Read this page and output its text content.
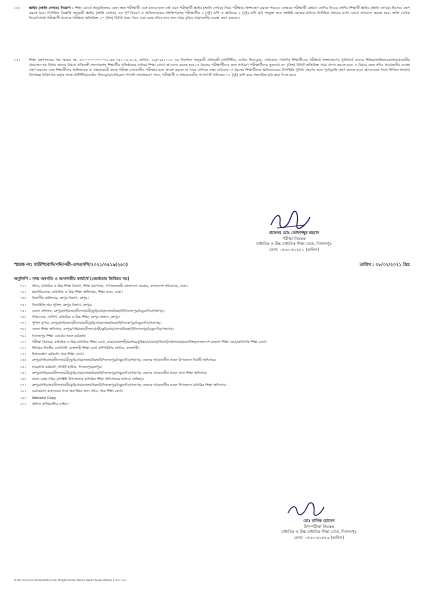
১৪।	স্ক্রাইব (শ্রুতি লেখক) নিয়োগ : শিক্ষা বোর্ডে অনুমতিক্রমে কোন অন্ধ পরীক্ষার্থী এবং যাদের হাত নেই এমন পরীক্ষার্থী স্ক্রাইব (শ্রুতি লেখক) নিয়ে পরীক্ষায় অংশগ্রহণ করতে পারবে। এক্ষেত্রে পরীক্ষার্থী বর্তমান শ্রেণির নিচের শ্রেণির শিক্ষার্থী স্ক্রাইব (শ্রুতি লেখক) হিসেবে গ্রহণ করতে হবে। নির্ধারিত বিজ্ঞপ্তি অনুযায়ী স্ক্রাইব (শ্রুতি লেখক) এর পূর্ণ বিবরণ ও অভিভাবকের সম্মতিপত্রসহ পরীক্ষার্থীর ২ (দুই) কপি ও স্ক্রাইবের ২ (দুই) কপি ছবি সংযুক্ত করে সংশ্লিষ্ট কেন্দ্রের মাধ্যমে নির্ধারিত সময়ের মধ্যে বোর্ডে আবেদন করতে হবে। শ্রুতি লেখক নিয়োগপ্রাপ্ত পরীক্ষার্থী প্রত্যেক পরীক্ষায় অতিরিক্ত ২০ (বিশ) মিনিট সময় পাবে এবং কেন্দ্র সচিব তার জন্য সময় বৃদ্ধির প্রয়োজনীয় ব্যবস্থা গ্রহণ করবেন।
১৫।	শিক্ষা মন্ত্রণালয়ের পত্র স্মারক নং- ৩৭.০০.০০০০.০৭২.৩৩.০৩১.১৪.৪১৩, তারিখ- ২৯/০৯/২০১৫ এর নির্দেশনা অনুযায়ী প্রতিবন্ধী (অটিস্টিক, ডাউন সিনড্রোম, সেরিব্রাল পালসি) শিক্ষার্থীদের পরীক্ষায় অংশগ্রহণের সুবিধার্থে তাদের শিক্ষক/অভিভাবক/সাহায্যকারীর প্রয়োজন হয় বিধায় তাদের বিষয়ে প্রতিবন্ধী সনদপত্রসহ শিক্ষার্থীর প্রতিষ্ঠানের মাধ্যমে শিক্ষা বোর্ডে আবেদন করতে হবে। এ ধরনের পরীক্ষার্থীদের জন্য সাধারণ পরীক্ষার্থীদের তুলনায় ৩০ (ত্রিশ) মিনিট অতিরিক্ত সময় প্রদান করতে হবে। এ বিষয়ে কেন্দ্র সচিব প্রয়োজনীয় ব্যবস্থা গ্রহণ করবেন এবং শিক্ষার্থীদের অভিভাবক বা সাহায্যকারী যাতে পরীক্ষা চলাকালীন পরীক্ষার হলে প্রবেশ করতে না পারে সেদিকে লক্ষ্য রাখবেন। এ ধরনের শিক্ষার্থীদের অভিভাবকের উপস্থিতি সুবিধা গ্রহণের জন্য পূর্বানুমতি গ্রহণ করতে হবে। আবেদনের সাথে সিভিল সার্জন/বিশেষজ্ঞ চিকিৎসক কর্তৃক প্রদত্ত অটিস্টিক/ডাউন সিনড্রোম/সেরিব্রাল পালসি সনাক্তকরণ সনদ, পরীক্ষার্থী ও সাহায্যকারীর পাসপোর্ট সাইজের ০২ (দুই) কপি করে সত্যায়িত ছবি জমা দিতে হবে।
প্রফেসর মোঃ তোফাজ্জুর রহমান
পরীক্ষা নিয়ন্ত্রক
মাধ্যমিক ও উচ্চ মাধ্যমিক শিক্ষা বোর্ড, দিনাজপুর
ফোন: ০৫৩১-৬১৮৮১ (অফিস)
স্মারক নং: মাউশিবোদি/পনি/পরী-এসএসসি/২০২১/৩৫১৯(২৫০)	তারিখ : ০৮/০২/২০২১ খ্রিঃ
অনুলিপি : সদয় অবগতি ও আবশ্যকীয় কার্যার্থে (জ্যেষ্ঠতার ভিত্তিতে নয়)
০১। সচিব, মাধ্যমিক ও উচ্চ শিক্ষা বিভাগ, শিক্ষা মন্ত্রণালয়, গণপ্রজাতন্ত্রী বাংলাদেশ সরকার, বাংলাদেশ সচিবালয়, ঢাকা।
০২। মহাপরিচালক, মাধ্যমিক ও উচ্চ শিক্ষা অধিদপ্তর, শিক্ষা ভবন, ঢাকা।
০৩। বিভাগীয় কমিশনার, রংপুর বিভাগ, রংপুর।
০৪। ডিআইজি অব পুলিশ, রংপুর বিভাগ, রংপুর।
০৫। জেলা প্রশাসক, রংপুর/গাইবান্ধা/নীলফামারী/কুড়িগ্রাম/লালমনিরহাট/দিনাজপুর/ঠাকুরগাঁও/পঞ্চগড়।
০৬। পরিচালক, সেসিপ, মাধ্যমিক ও উচ্চ শিক্ষা, রংপুর অঞ্চল, রংপুর।
০৭। পুলিশ সুপার, রংপুর/গাইবান্ধা/নীলফামারী/কুড়িগ্রাম/লালমনিরহাট/দিনাজপুর/ঠাকুরগাঁও/পঞ্চগড়।
০৮। জেলা শিক্ষা অফিসার, রংপুর/গাইবান্ধা/নীলফামারী/কুড়িগ্রাম/লালমনিরহাট/দিনাজপুর/ঠাকুরগাঁও/পঞ্চগড়।
০৯। দিনাজপুর শিক্ষা বোর্ডের সকল কর্মকর্তা।
১০। পরীক্ষা নিয়ন্ত্রক, মাধ্যমিক ও উচ্চ মাধ্যমিক শিক্ষা বোর্ড, ঢাকা/রাজশাহী/যশোর/কুমিল্লা/চট্টগ্রাম/সিলেট/বরিশাল/ময়মনসিংহ/বাংলাদেশ মাদ্রাসা শিক্ষা বোর্ড/কারিগরি শিক্ষা বোর্ড।
১১। সিনিয়র সিস্টেম এনালিস্ট, রাজশাহী শিক্ষা বোর্ড কম্পিউটার সেন্টার, রাজশাহী।
১২। হিসাবরক্ষণ কর্মকর্তা, অত্র শিক্ষা বোর্ড।
১৩। রংপুর/গাইবান্ধা/নীলফামারী/কুড়িগ্রাম/লালমনিরহাট/দিনাজপুর/ঠাকুরগাঁও/পঞ্চগড় জেলার আওতাধীন সকল উপজেলা নির্বাহী অফিসার।
১৪। ভারপ্রাপ্ত কর্মকর্তা, সার্কিট হাউজ, দিনাজপুর/রংপুর।
১৫। রংপুর/গাইবান্ধা/নীলফামারী/কুড়িগ্রাম/লালমনিরহাট/দিনাজপুর/ঠাকুরগাঁও/পঞ্চগড় জেলার আওতাধীন সকল থানা শিক্ষা অফিসার।
১৬। সকল কেন্দ্র সচিব (সংশ্লিষ্ট উপজেলার মাধ্যমিক শিক্ষা অফিসারের মাধ্যমে প্রেরিত)।
১৭। রংপুর/গাইবান্ধা/নীলফামারী/কুড়িগ্রাম/লালমনিরহাট/দিনাজপুর/ঠাকুরগাঁও/পঞ্চগড় জেলার আওতাধীন সকল উপজেলা মাধ্যমিক শিক্ষা অফিসার।
১৮। চেয়ারম্যান মহোদয়ের সদয় অবগতির জন্য সচিব, অত্র শিক্ষা বোর্ড।
১৯। Website Copy.
২০। অফিস কপি/মাস্টার ফাইল।
মোঃ মানিক হোসেন
উপ-পরীক্ষা নিয়ন্ত্রক
মাধ্যমিক ও উচ্চ মাধ্যমিক শিক্ষা বোর্ড, দিনাজপুর
ফোন: ০৫৩১-৬১৮৮৩ (অফিস)
D:\DC All Documents\2021\Imran Mirgahmi\Imp Notice Saeed Seda-21\Rule 1.doc প৯/৪
